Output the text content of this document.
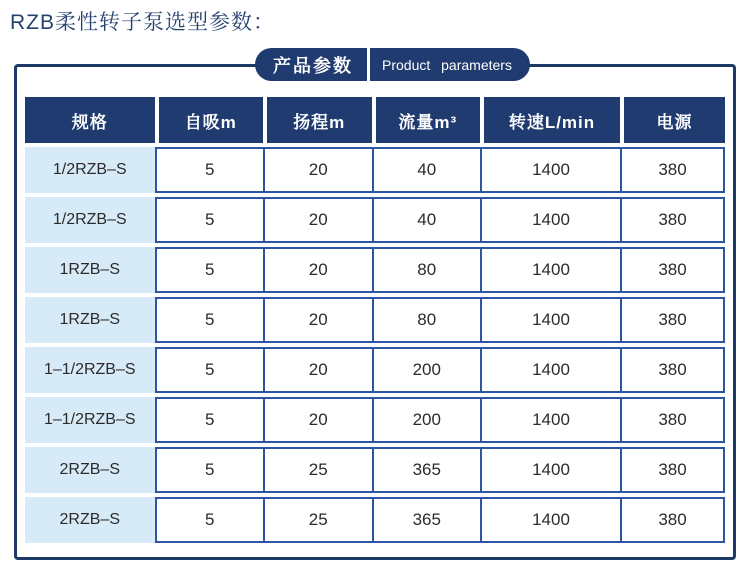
RZB柔性转子泵选型参数：
产品参数	Product parameters
规格	自吸m	扬程m	流量m³	转速L/min	电源
1/2RZB–S	5	20	40	1400	380
1/2RZB–S	5	20	40	1400	380
1RZB–S	5	20	80	1400	380
1RZB–S	5	20	80	1400	380
1–1/2RZB–S	5	20	200	1400	380
1–1/2RZB–S	5	20	200	1400	380
2RZB–S	5	25	365	1400	380
2RZB–S	5	25	365	1400	380
